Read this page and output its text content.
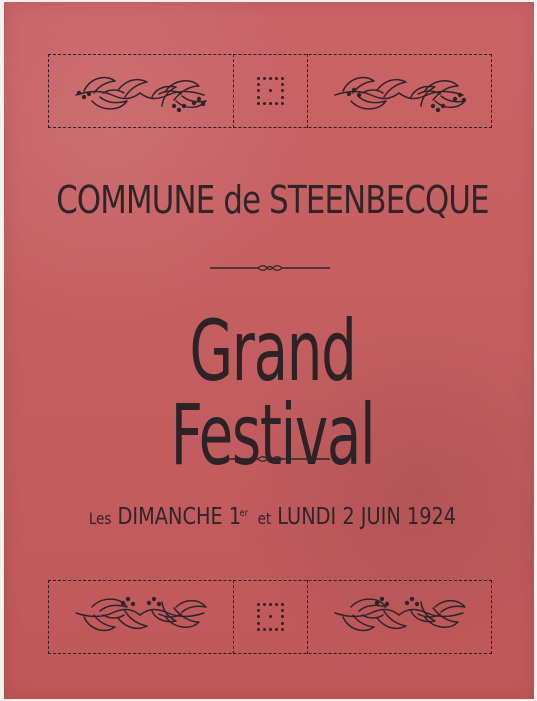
COMMUNE de STEENBECQUE
Grand Festival
Les DIMANCHE 1er et LUNDI 2 JUIN 1924
